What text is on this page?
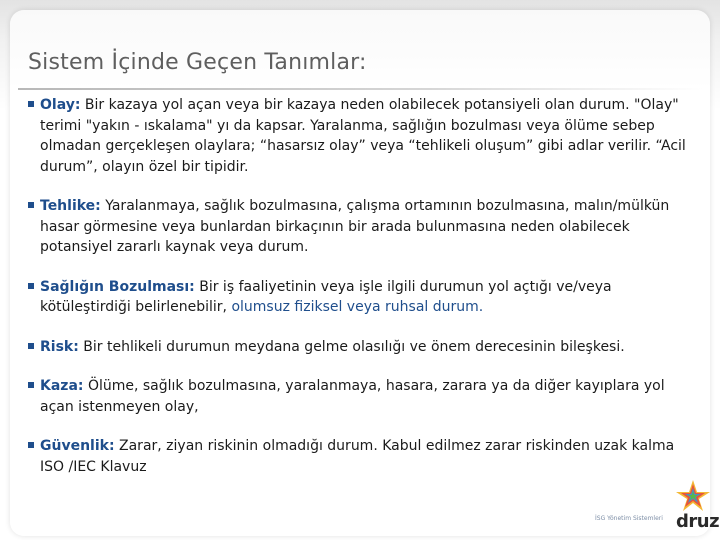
Sistem İçinde Geçen Tanımlar:
Olay: Bir kazaya yol açan veya bir kazaya neden olabilecek potansiyeli olan durum. "Olay" terimi "yakın - ıskalama" yı da kapsar. Yaralanma, sağlığın bozulması veya ölüme sebep olmadan gerçekleşen olaylara; “hasarsız olay” veya “tehlikeli oluşum” gibi adlar verilir. “Acil durum”, olayın özel bir tipidir.
Tehlike: Yaralanmaya, sağlık bozulmasına, çalışma ortamının bozulmasına, malın/mülkün hasar görmesine veya bunlardan birkaçının bir arada bulunmasına neden olabilecek potansiyel zararlı kaynak veya durum.
Sağlığın Bozulması: Bir iş faaliyetinin veya işle ilgili durumun yol açtığı ve/veya kötüleştirdiği belirlenebilir, olumsuz fiziksel veya ruhsal durum.
Risk: Bir tehlikeli durumun meydana gelme olasılığı ve önem derecesinin bileşkesi.
Kaza: Ölüme, sağlık bozulmasına, yaralanmaya, hasara, zarara ya da diğer kayıplara yol açan istenmeyen olay,
Güvenlik: Zarar, ziyan riskinin olmadığı durum. Kabul edilmez zarar riskinden uzak kalma ISO /IEC Klavuz
İSG Yönetim Sistemleri druz
